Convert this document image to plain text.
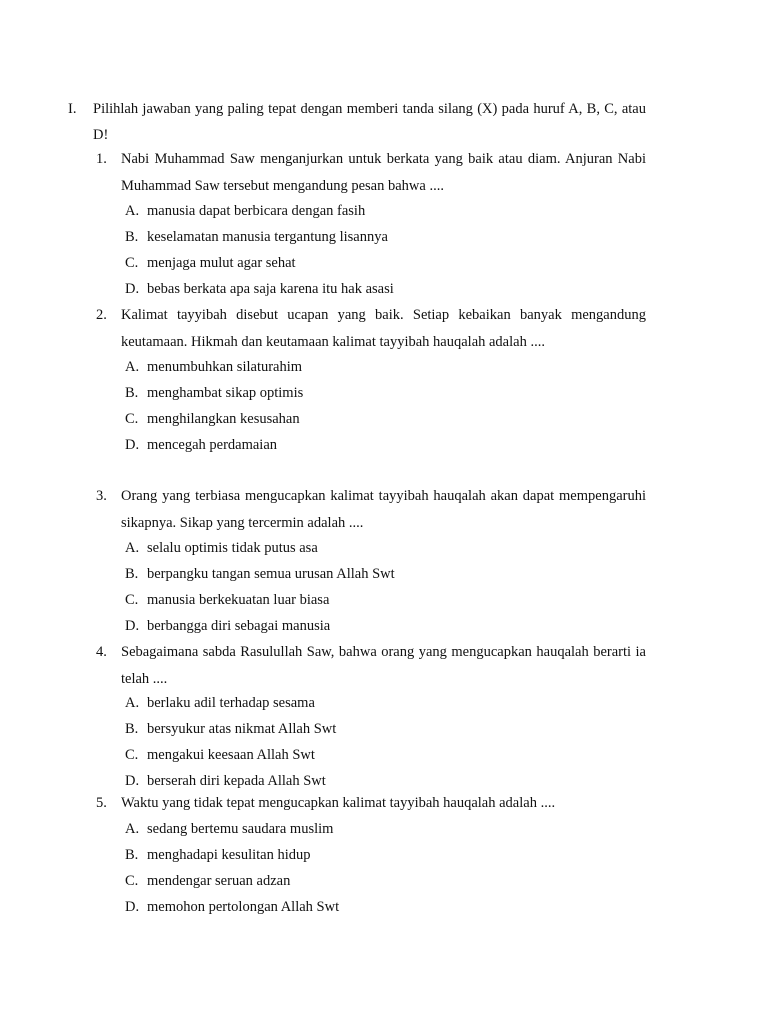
I. Pilihlah jawaban yang paling tepat dengan memberi tanda silang (X) pada huruf A, B, C, atau D!
1. Nabi Muhammad Saw menganjurkan untuk berkata yang baik atau diam. Anjuran Nabi Muhammad Saw tersebut mengandung pesan bahwa ....
A. manusia dapat berbicara dengan fasih
B. keselamatan manusia tergantung lisannya
C. menjaga mulut agar sehat
D. bebas berkata apa saja karena itu hak asasi
2. Kalimat tayyibah disebut ucapan yang baik. Setiap kebaikan banyak mengandung keutamaan. Hikmah dan keutamaan kalimat tayyibah hauqalah adalah ....
A. menumbuhkan silaturahim
B. menghambat sikap optimis
C. menghilangkan kesusahan
D. mencegah perdamaian
3. Orang yang terbiasa mengucapkan kalimat tayyibah hauqalah akan dapat mempengaruhi sikapnya. Sikap yang tercermin adalah ....
A. selalu optimis tidak putus asa
B. berpangku tangan semua urusan Allah Swt
C. manusia berkekuatan luar biasa
D. berbangga diri sebagai manusia
4. Sebagaimana sabda Rasulullah Saw, bahwa orang yang mengucapkan hauqalah berarti ia telah ....
A. berlaku adil terhadap sesama
B. bersyukur atas nikmat Allah Swt
C. mengakui keesaan Allah Swt
D. berserah diri kepada Allah Swt
5. Waktu yang tidak tepat mengucapkan kalimat tayyibah hauqalah adalah ....
A. sedang bertemu saudara muslim
B. menghadapi kesulitan hidup
C. mendengar seruan adzan
D. memohon pertolongan Allah Swt
